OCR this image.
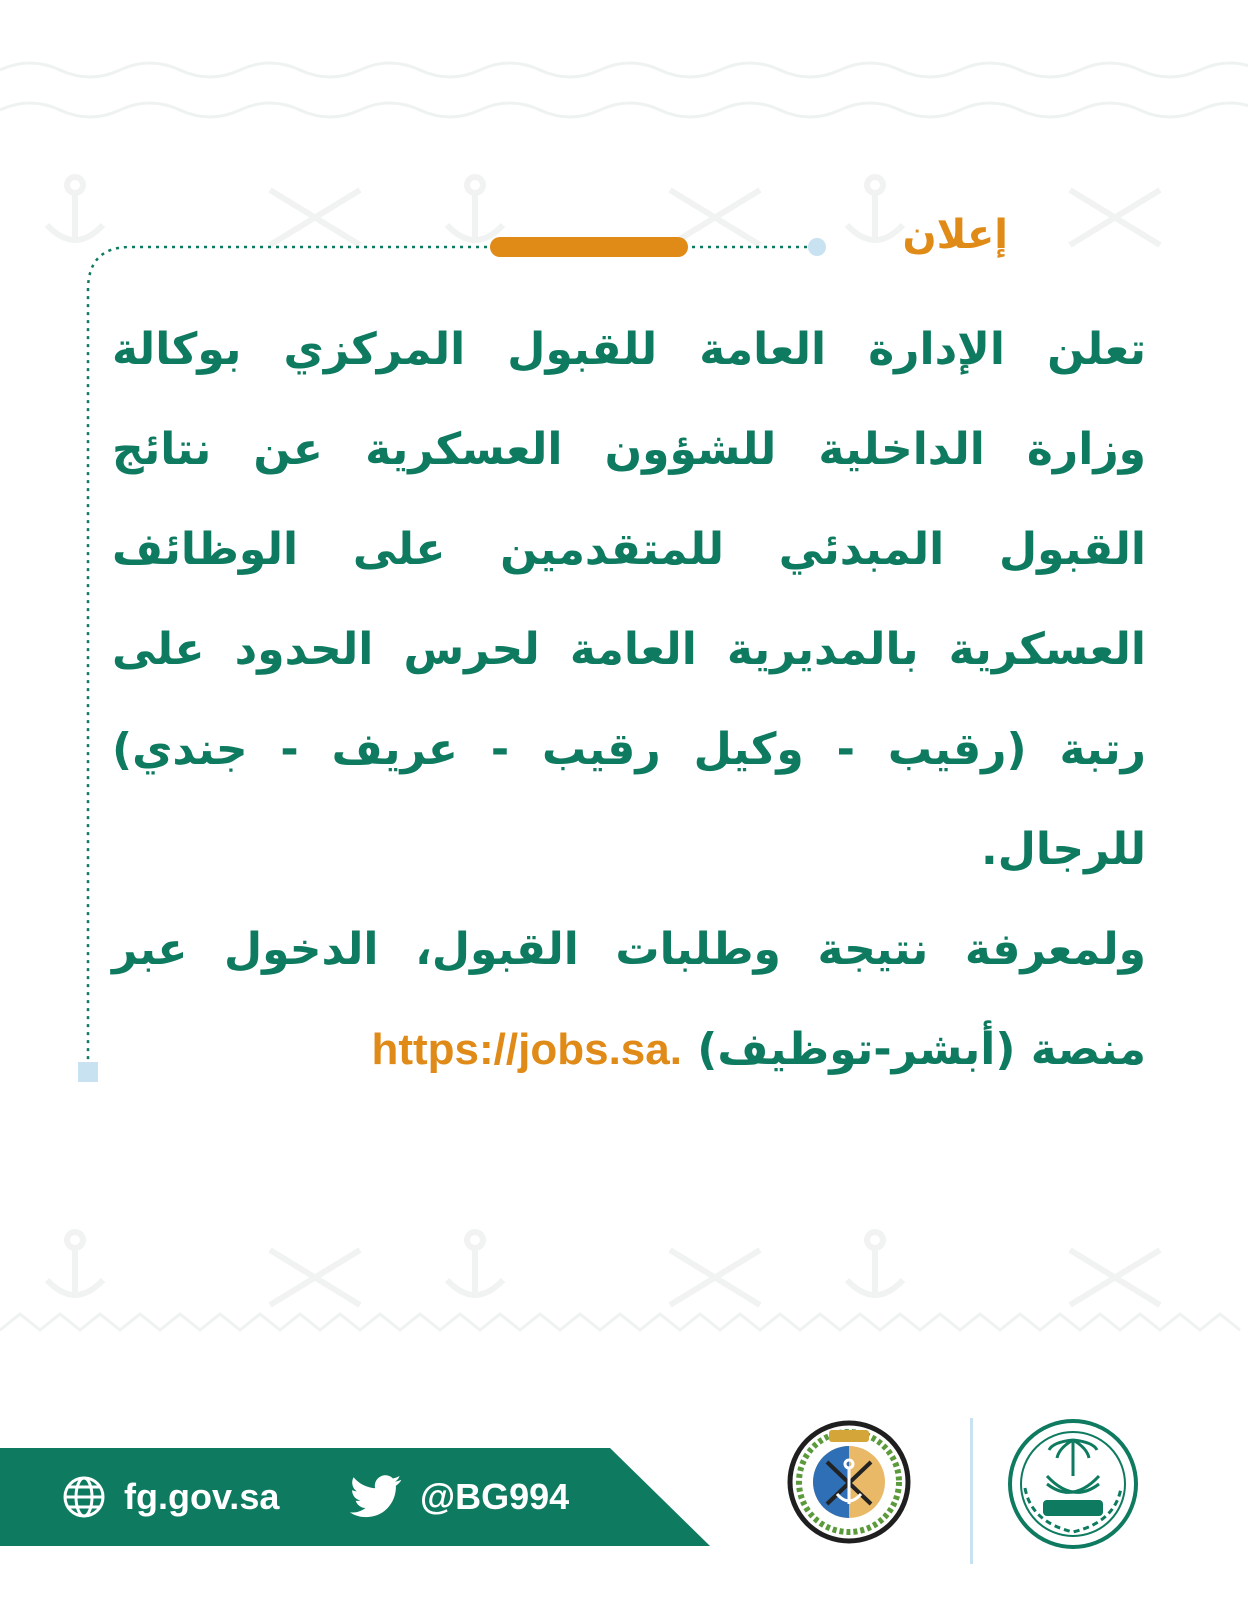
إعلان

تعلن الإدارة العامة للقبول المركزي بوكالة وزارة الداخلية للشؤون العسكرية عن نتائج القبول المبدئي للمتقدمين على الوظائف العسكرية بالمديرية العامة لحرس الحدود على رتبة (رقيب - وكيل رقيب - عريف - جندي) للرجال.

ولمعرفة نتيجة وطلبات القبول، الدخول عبر منصة (أبشر-توظيف) https://jobs.sa.

fg.gov.sa	@BG994
